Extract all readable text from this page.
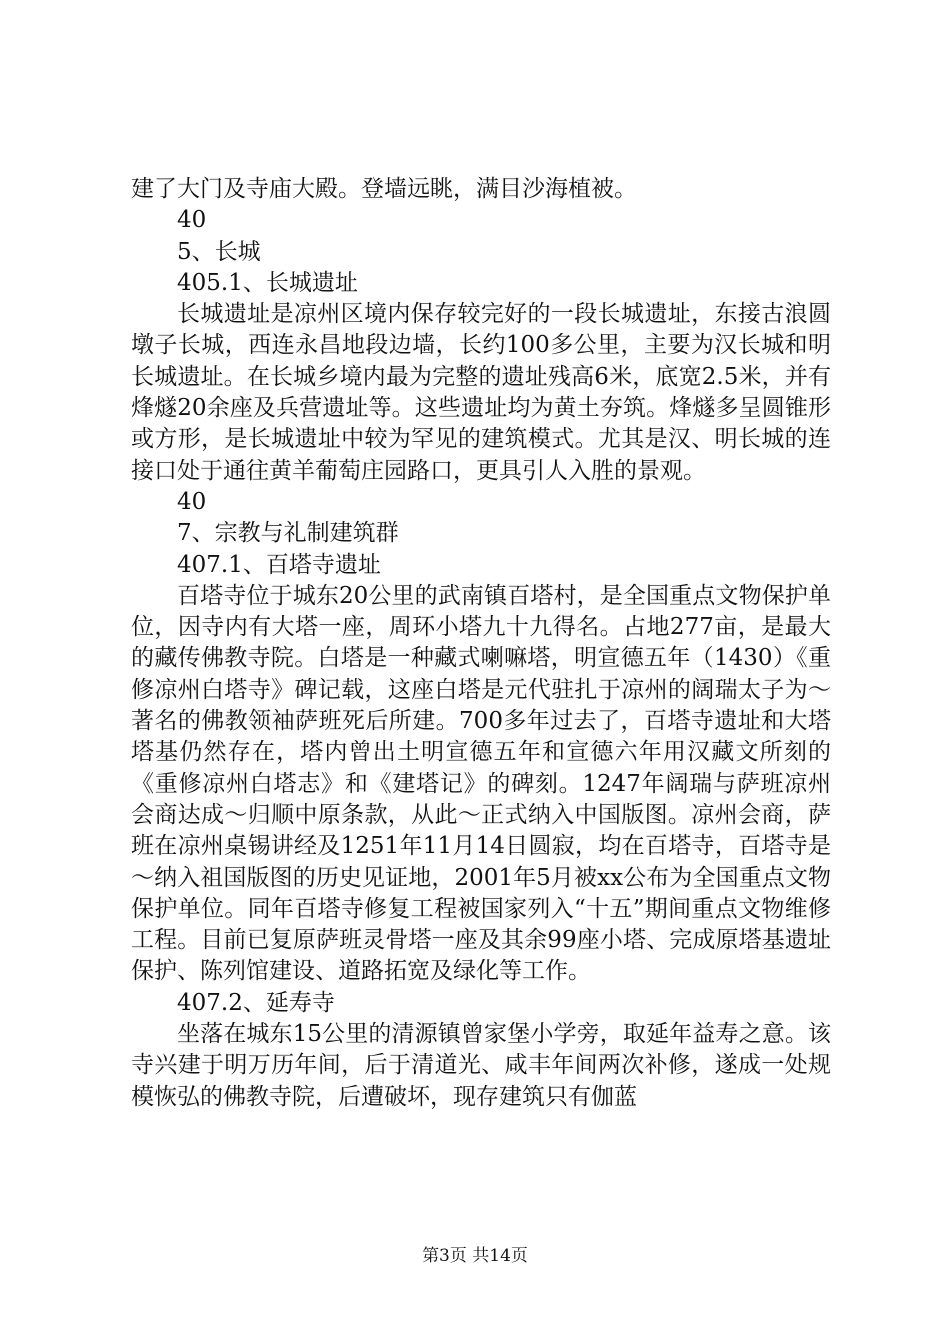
建了大门及寺庙大殿。登墙远眺，满目沙海植被。

40

5、长城

405.1、长城遗址

长城遗址是凉州区境内保存较完好的一段长城遗址，东接古浪圆墩子长城，西连永昌地段边墙，长约100多公里，主要为汉长城和明长城遗址。在长城乡境内最为完整的遗址残高6米，底宽2.5米，并有烽燧20余座及兵营遗址等。这些遗址均为黄土夯筑。烽燧多呈圆锥形或方形，是长城遗址中较为罕见的建筑模式。尤其是汉、明长城的连接口处于通往黄羊葡萄庄园路口，更具引人入胜的景观。

40

7、宗教与礼制建筑群

407.1、百塔寺遗址

百塔寺位于城东20公里的武南镇百塔村，是全国重点文物保护单位，因寺内有大塔一座，周环小塔九十九得名。占地277亩，是最大的藏传佛教寺院。白塔是一种藏式喇嘛塔，明宣德五年（1430）《重修凉州白塔寺》碑记载，这座白塔是元代驻扎于凉州的阔瑞太子为～著名的佛教领袖萨班死后所建。700多年过去了，百塔寺遗址和大塔塔基仍然存在，塔内曾出土明宣德五年和宣德六年用汉藏文所刻的《重修凉州白塔志》和《建塔记》的碑刻。1247年阔瑞与萨班凉州会商达成～归顺中原条款，从此～正式纳入中国版图。凉州会商，萨班在凉州桌锡讲经及1251年11月14日圆寂，均在百塔寺，百塔寺是～纳入祖国版图的历史见证地，2001年5月被xx公布为全国重点文物保护单位。同年百塔寺修复工程被国家列入“十五”期间重点文物维修工程。目前已复原萨班灵骨塔一座及其余99座小塔、完成原塔基遗址保护、陈列馆建设、道路拓宽及绿化等工作。

407.2、延寿寺

坐落在城东15公里的清源镇曾家堡小学旁，取延年益寿之意。该寺兴建于明万历年间，后于清道光、咸丰年间两次补修，遂成一处规模恢弘的佛教寺院，后遭破坏，现存建筑只有伽蓝

第3页 共14页
